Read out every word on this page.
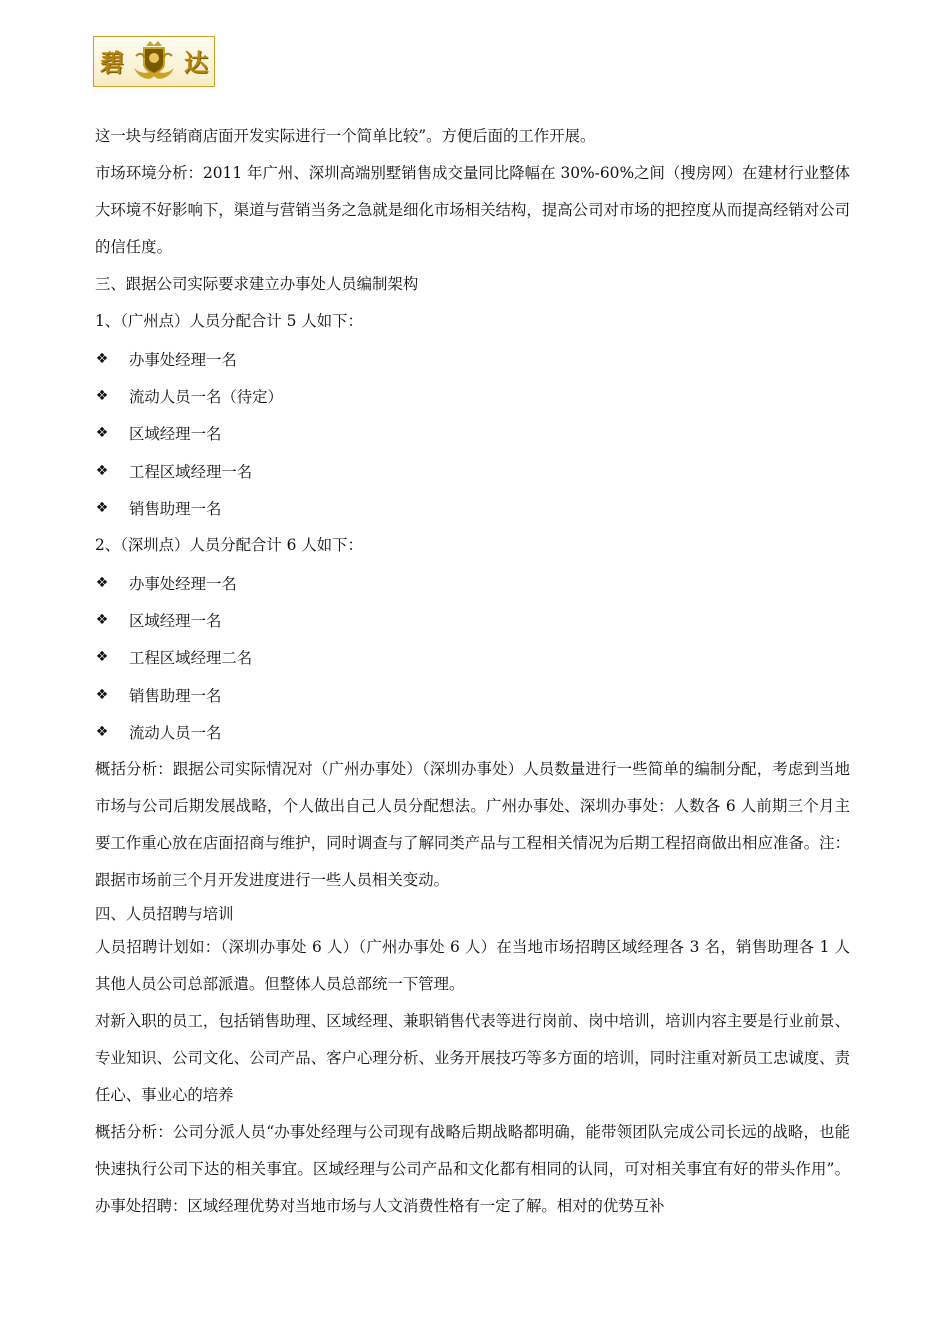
碧	达

这一块与经销商店面开发实际进行一个简单比较”。方便后面的工作开展。

市场环境分析：2011 年广州、深圳高端别墅销售成交量同比降幅在 30%-60%之间（搜房网）在建材行业整体大环境不好影响下，渠道与营销当务之急就是细化市场相关结构，提高公司对市场的把控度从而提高经销对公司的信任度。

三、跟据公司实际要求建立办事处人员编制架构

1、（广州点）人员分配合计 5 人如下：

❖ 办事处经理一名
❖ 流动人员一名（待定）
❖ 区域经理一名
❖ 工程区域经理一名
❖ 销售助理一名

2、（深圳点）人员分配合计 6 人如下：

❖ 办事处经理一名
❖ 区域经理一名
❖ 工程区域经理二名
❖ 销售助理一名
❖ 流动人员一名

概括分析：跟据公司实际情况对（广州办事处）（深圳办事处）人员数量进行一些简单的编制分配，考虑到当地市场与公司后期发展战略，个人做出自己人员分配想法。广州办事处、深圳办事处：人数各 6 人前期三个月主要工作重心放在店面招商与维护，同时调查与了解同类产品与工程相关情况为后期工程招商做出相应准备。注：跟据市场前三个月开发进度进行一些人员相关变动。

四、人员招聘与培训

人员招聘计划如：（深圳办事处 6 人）（广州办事处 6 人）在当地市场招聘区域经理各 3 名，销售助理各 1 人其他人员公司总部派遣。但整体人员总部统一下管理。

对新入职的员工，包括销售助理、区域经理、兼职销售代表等进行岗前、岗中培训，培训内容主要是行业前景、专业知识、公司文化、公司产品、客户心理分析、业务开展技巧等多方面的培训，同时注重对新员工忠诚度、责任心、事业心的培养

概括分析：公司分派人员“办事处经理与公司现有战略后期战略都明确，能带领团队完成公司长远的战略，也能快速执行公司下达的相关事宜。区域经理与公司产品和文化都有相同的认同，可对相关事宜有好的带头作用”。办事处招聘：区域经理优势对当地市场与人文消费性格有一定了解。相对的优势互补
